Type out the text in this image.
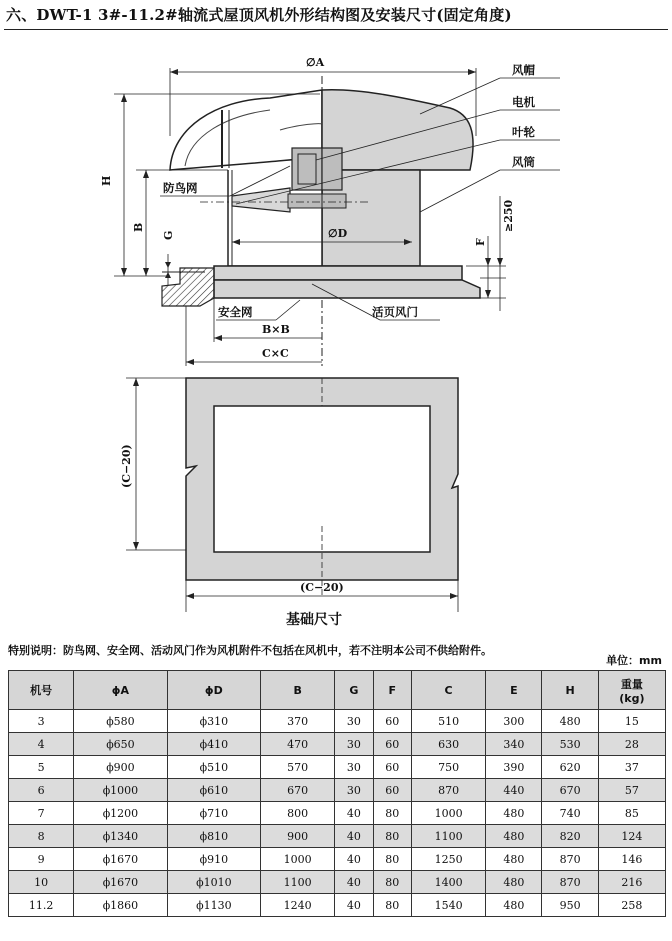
六、DWT-1 3#-11.2#轴流式屋顶风机外形结构图及安装尺寸(固定角度)
∅A
∅D
H
B
G
F
≥250
B×B
C×C
风帽
电机
叶轮
风筒
防鸟网
安全网	活页风门
(C−20)
(C−20)
基础尺寸
特别说明：防鸟网、安全网、活动风门作为风机附件不包括在风机中，若不注明本公司不供给附件。
单位：mm
机号	ϕA	ϕD	B	G	F	C	E	H	重量
(kg)
3	ϕ580	ϕ310	370	30	60	510	300	480	15
4	ϕ650	ϕ410	470	30	60	630	340	530	28
5	ϕ900	ϕ510	570	30	60	750	390	620	37
6	ϕ1000	ϕ610	670	30	60	870	440	670	57
7	ϕ1200	ϕ710	800	40	80	1000	480	740	85
8	ϕ1340	ϕ810	900	40	80	1100	480	820	124
9	ϕ1670	ϕ910	1000	40	80	1250	480	870	146
10	ϕ1670	ϕ1010	1100	40	80	1400	480	870	216
11.2	ϕ1860	ϕ1130	1240	40	80	1540	480	950	258
